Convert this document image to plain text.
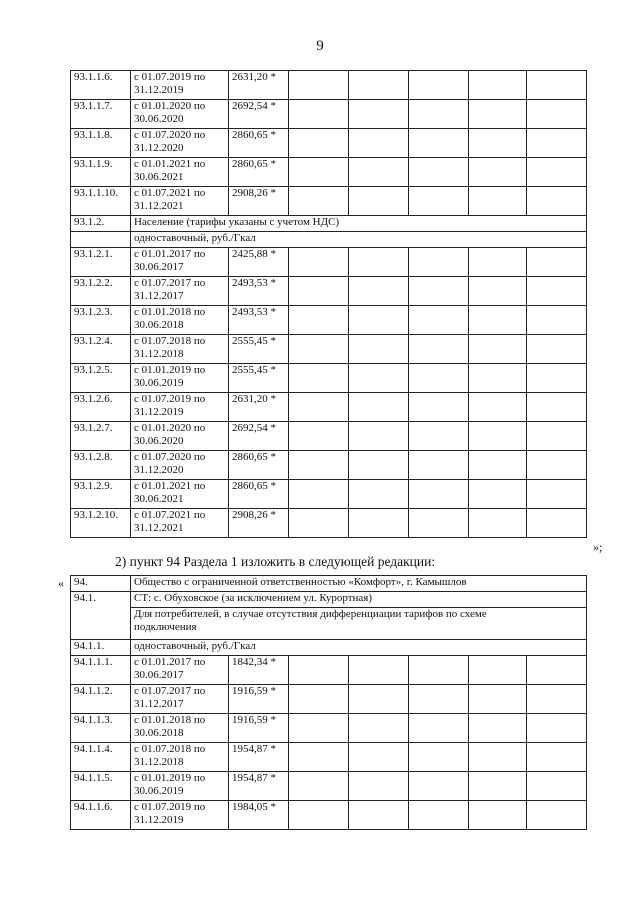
9
93.1.1.6.	с 01.07.2019 по
31.12.2019	2631,20 *					
93.1.1.7.	с 01.01.2020 по
30.06.2020	2692,54 *					
93.1.1.8.	с 01.07.2020 по
31.12.2020	2860,65 *					
93.1.1.9.	с 01.01.2021 по
30.06.2021	2860,65 *					
93.1.1.10.	с 01.07.2021 по
31.12.2021	2908,26 *					
93.1.2.	Население (тарифы указаны с учетом НДС)						
	одноставочный, руб./Гкал						
93.1.2.1.	с 01.01.2017 по
30.06.2017	2425,88 *					
93.1.2.2.	с 01.07.2017 по
31.12.2017	2493,53 *					
93.1.2.3.	с 01.01.2018 по
30.06.2018	2493,53 *					
93.1.2.4.	с 01.07.2018 по
31.12.2018	2555,45 *					
93.1.2.5.	с 01.01.2019 по
30.06.2019	2555,45 *					
93.1.2.6.	с 01.07.2019 по
31.12.2019	2631,20 *					
93.1.2.7.	с 01.01.2020 по
30.06.2020	2692,54 *					
93.1.2.8.	с 01.07.2020 по
31.12.2020	2860,65 *					
93.1.2.9.	с 01.01.2021 по
30.06.2021	2860,65 *					
93.1.2.10.	с 01.07.2021 по
31.12.2021	2908,26 *					
»;
2) пункт 94 Раздела 1 изложить в следующей редакции:
« 94.	Общество с ограниченной ответственностью «Комфорт», г. Камышлов						
94.1.	СТ: с. Обуховское (за исключением ул. Курортная)						

	Для потребителей, в случае отсутствия дифференциации тарифов по схеме
подключения						

94.1.1.	одноставочный, руб./Гкал						
94.1.1.1.	с 01.01.2017 по
30.06.2017	1842,34 *					
94.1.1.2.	с 01.07.2017 по
31.12.2017	1916,59 *					
94.1.1.3.	с 01.01.2018 по
30.06.2018	1916,59 *					
94.1.1.4.	с 01.07.2018 по
31.12.2018	1954,87 *					
94.1.1.5.	с 01.01.2019 по
30.06.2019	1954,87 *					
94.1.1.6.	с 01.07.2019 по
31.12.2019	1984,05 *					
